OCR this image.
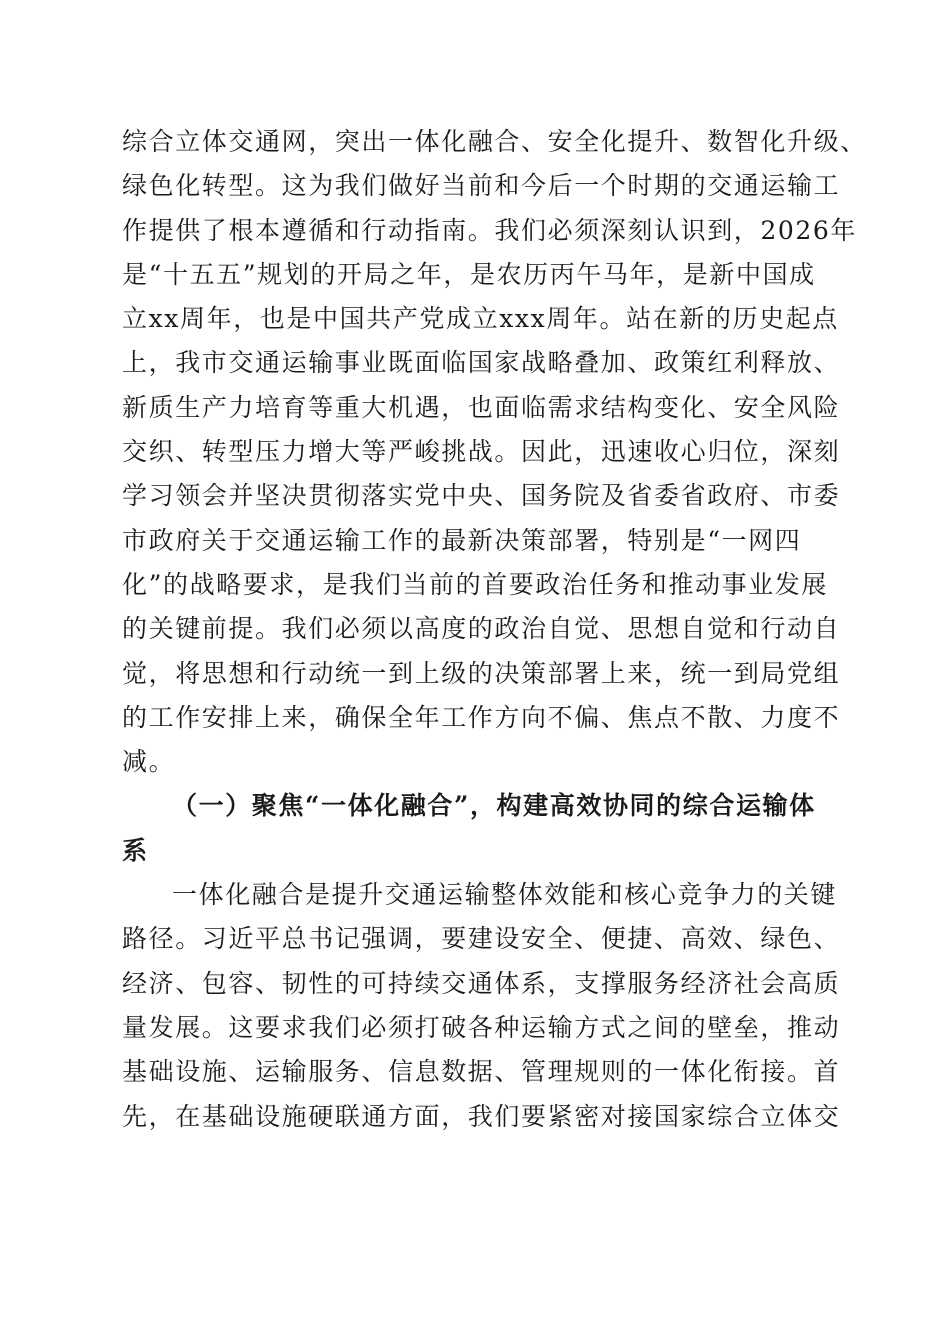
综合立体交通网，突出一体化融合、安全化提升、数智化升级、
绿色化转型。这为我们做好当前和今后一个时期的交通运输工
作提供了根本遵循和行动指南。我们必须深刻认识到，2026年
是“十五五”规划的开局之年，是农历丙午马年，是新中国成
立xx周年，也是中国共产党成立xxx周年。站在新的历史起点
上，我市交通运输事业既面临国家战略叠加、政策红利释放、
新质生产力培育等重大机遇，也面临需求结构变化、安全风险
交织、转型压力增大等严峻挑战。因此，迅速收心归位，深刻
学习领会并坚决贯彻落实党中央、国务院及省委省政府、市委
市政府关于交通运输工作的最新决策部署，特别是“一网四
化”的战略要求，是我们当前的首要政治任务和推动事业发展
的关键前提。我们必须以高度的政治自觉、思想自觉和行动自
觉，将思想和行动统一到上级的决策部署上来，统一到局党组
的工作安排上来，确保全年工作方向不偏、焦点不散、力度不
减。
（一）聚焦“一体化融合”，构建高效协同的综合运输体
系
一体化融合是提升交通运输整体效能和核心竞争力的关键
路径。习近平总书记强调，要建设安全、便捷、高效、绿色、
经济、包容、韧性的可持续交通体系，支撑服务经济社会高质
量发展。这要求我们必须打破各种运输方式之间的壁垒，推动
基础设施、运输服务、信息数据、管理规则的一体化衔接。首
先，在基础设施硬联通方面，我们要紧密对接国家综合立体交
